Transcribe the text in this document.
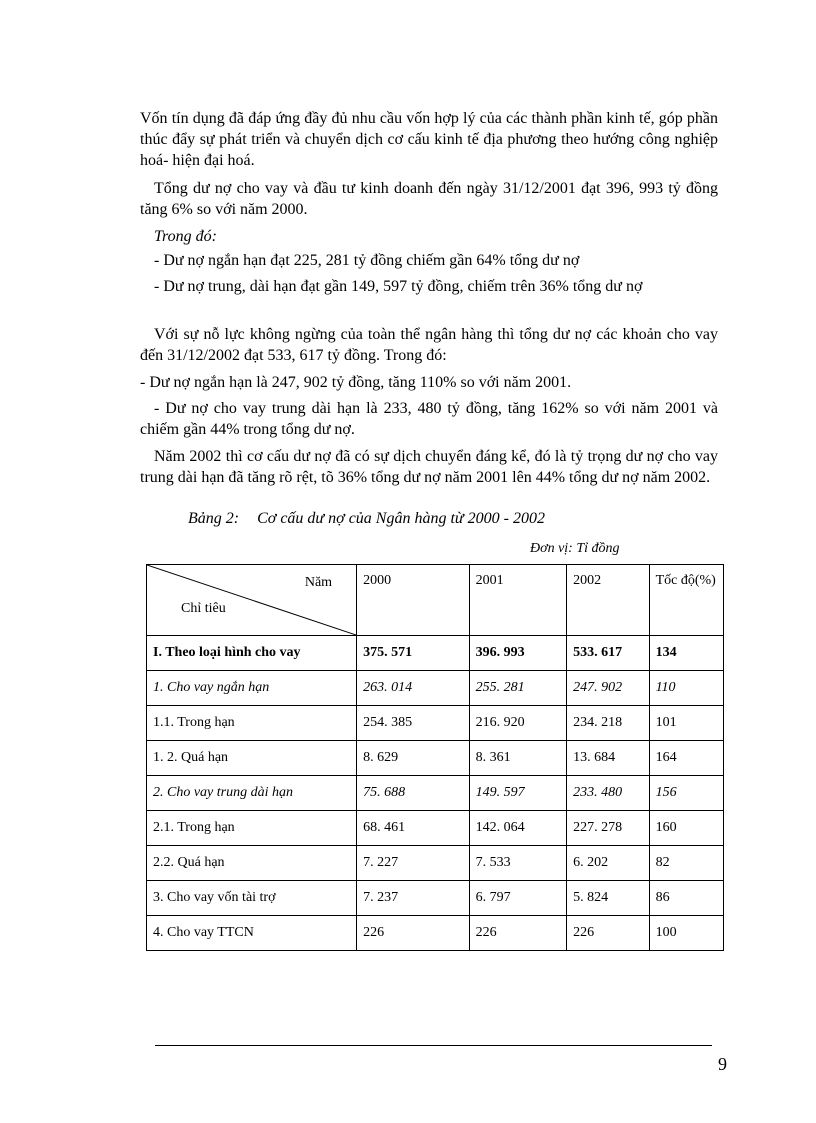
Vốn tín dụng đã đáp ứng đầy đủ nhu cầu vốn hợp lý của các thành phần kinh tế, góp phần thúc đẩy sự phát triển và chuyển dịch cơ cấu kinh tế địa phương theo hướng công nghiệp hoá- hiện đại hoá.

Tổng dư nợ cho vay và đầu tư kinh doanh đến ngày 31/12/2001 đạt 396, 993 tỷ đồng tăng 6% so với năm 2000.

Trong đó:

- Dư nợ ngắn hạn đạt 225, 281 tỷ đồng chiếm gần 64% tổng dư nợ

- Dư nợ trung, dài hạn đạt gần 149, 597 tỷ đồng, chiếm trên 36% tổng dư nợ

Với sự nỗ lực không ngừng của toàn thể ngân hàng thì tổng dư nợ các khoản cho vay đến 31/12/2002 đạt 533, 617 tỷ đồng. Trong đó:

- Dư nợ ngắn hạn là 247, 902 tỷ đồng, tăng 110% so với năm 2001.

- Dư nợ cho vay trung dài hạn là 233, 480 tỷ đồng, tăng 162% so với năm 2001 và chiếm gần 44% trong tổng dư nợ.

Năm 2002 thì cơ cấu dư nợ đã có sự dịch chuyển đáng kể, đó là tỷ trọng dư nợ cho vay trung dài hạn đã tăng rõ rệt, tõ 36% tổng dư nợ năm 2001 lên 44% tổng dư nợ năm 2002.

Bảng 2: Cơ cấu dư nợ của Ngân hàng từ 2000 - 2002
Đơn vị: Tỉ đồng
Năm
Chỉ tiêu	2000	2001	2002	Tốc độ(%)
I. Theo loại hình cho vay	375. 571	396. 993	533. 617	134
1. Cho vay ngắn hạn	263. 014	255. 281	247. 902	110
1.1. Trong hạn	254. 385	216. 920	234. 218	101
1. 2. Quá hạn	8. 629	8. 361	13. 684	164
2. Cho vay trung dài hạn	75. 688	149. 597	233. 480	156
2.1. Trong hạn	68. 461	142. 064	227. 278	160
2.2. Quá hạn	7. 227	7. 533	6. 202	82
3. Cho vay vốn tài trợ	7. 237	6. 797	5. 824	86
4. Cho vay TTCN	226	226	226	100
9
